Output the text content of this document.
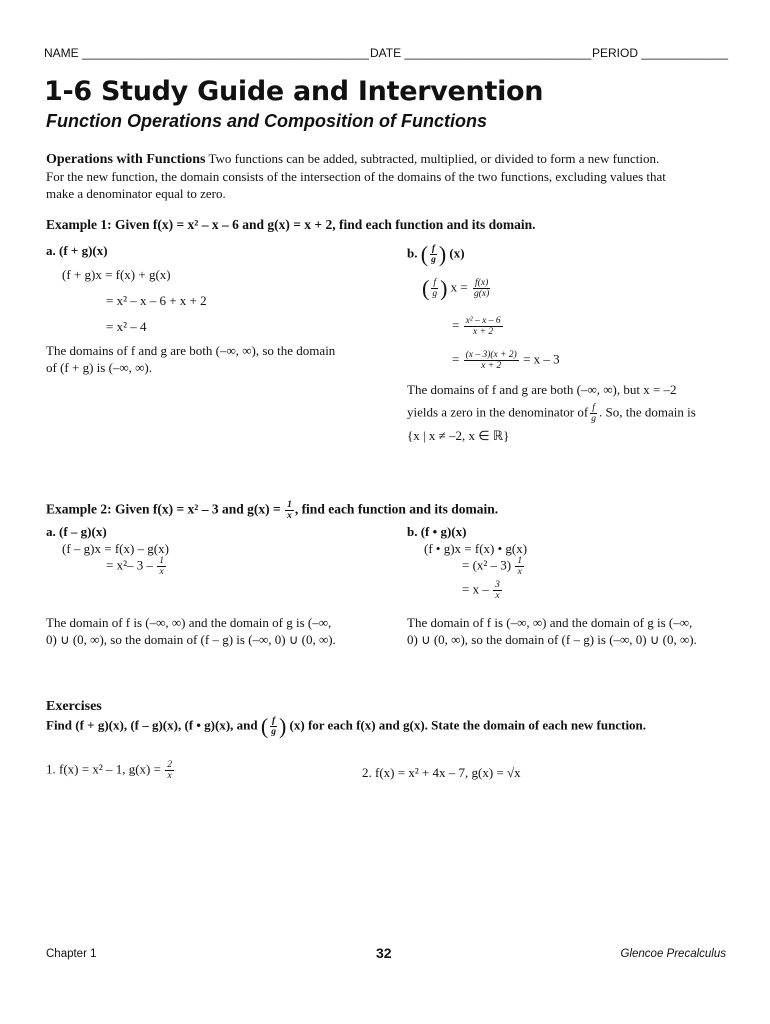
NAME ___________________________________________ DATE ____________________________ PERIOD _____________
1-6 Study Guide and Intervention
Function Operations and Composition of Functions
Operations with Functions Two functions can be added, subtracted, multiplied, or divided to form a new function.
For the new function, the domain consists of the intersection of the domains of the two functions, excluding values that
make a denominator equal to zero.
Example 1: Given f(x) = x² – x – 6 and g(x) = x + 2, find each function and its domain.
a. (f + g)(x)
(f + g)x = f(x) + g(x)
= x² – x – 6 + x + 2
= x² – 4
The domains of f and g are both (–∞, ∞), so the domain
of (f + g) is (–∞, ∞).
b. ( $\frac{f}{g}$ ) (x)
( $\frac{f}{g}$ ) $x = \frac{f(x)}{g(x)}$
= $\frac{\text{x² – x – 6}}{x + 2}$
= $\frac{(x - 3)(x + 2)}{x + 2} = x - 3$
The domains of f and g are both (–∞, ∞), but x = –2
yields a zero in the denominator of $\frac{f}{g}$ . So, the domain is
{x | x ≠ –2, x ∈ ℝ}
Example 2: Given f(x) = x² – 3 and $g(x) = \frac{1}{x}$ , find each function and its domain.
a. (f – g)(x)
(f – g)x = f(x) – g(x)
= x²– $3 - \frac{1}{x}$
The domain of f is (–∞, ∞) and the domain of g is (–∞,
0) ∪ (0, ∞), so the domain of (f – g) is (–∞, 0) ∪ (0, ∞).
b. (f • g)(x)
(f • g)x = f(x) • g(x)
= $(x^2 - 3) \frac{1}{x}$
= x – $\frac{3}{x}$
The domain of f is (–∞, ∞) and the domain of g is (–∞,
0) ∪ (0, ∞), so the domain of (f – g) is (–∞, 0) ∪ (0, ∞).
Exercises
Find (f + g)(x), (f – g)(x), (f • g)(x), and ( $\frac{f}{g}$ ) (x) for each f(x) and g(x). State the domain of each new function.
1. f(x) = x² – 1, $g(x) = \frac{2}{x}$	2. f(x) = x² + 4x – 7, g(x) = √x
Chapter 1	32	Glencoe Precalculus
